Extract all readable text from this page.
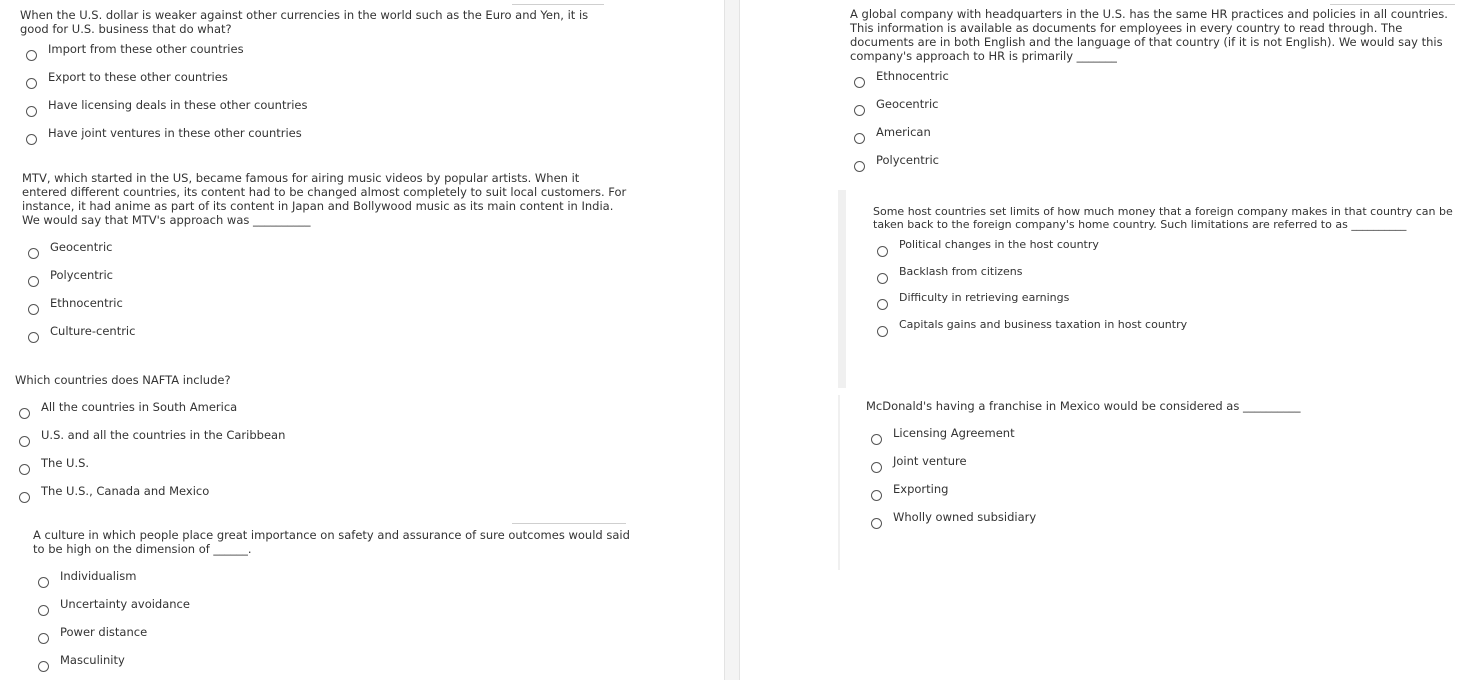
When the U.S. dollar is weaker against other currencies in the world such as the Euro and Yen, it is good for U.S. business that do what?

Import from these other countries
Export to these other countries
Have licensing deals in these other countries
Have joint ventures in these other countries

MTV, which started in the US, became famous for airing music videos by popular artists. When it entered different countries, its content had to be changed almost completely to suit local customers. For instance, it had anime as part of its content in Japan and Bollywood music as its main content in India. We would say that MTV's approach was __________

Geocentric
Polycentric
Ethnocentric
Culture-centric

Which countries does NAFTA include?

All the countries in South America
U.S. and all the countries in the Caribbean
The U.S.
The U.S., Canada and Mexico

A culture in which people place great importance on safety and assurance of sure outcomes would said to be high on the dimension of ______.

Individualism
Uncertainty avoidance
Power distance
Masculinity

A global company with headquarters in the U.S. has the same HR practices and policies in all countries. This information is available as documents for employees in every country to read through. The documents are in both English and the language of that country (if it is not English). We would say this company's approach to HR is primarily _______

Ethnocentric
Geocentric
American
Polycentric

Some host countries set limits of how much money that a foreign company makes in that country can be taken back to the foreign company's home country. Such limitations are referred to as __________

Political changes in the host country
Backlash from citizens
Difficulty in retrieving earnings
Capitals gains and business taxation in host country

McDonald's having a franchise in Mexico would be considered as __________

Licensing Agreement
Joint venture
Exporting
Wholly owned subsidiary
